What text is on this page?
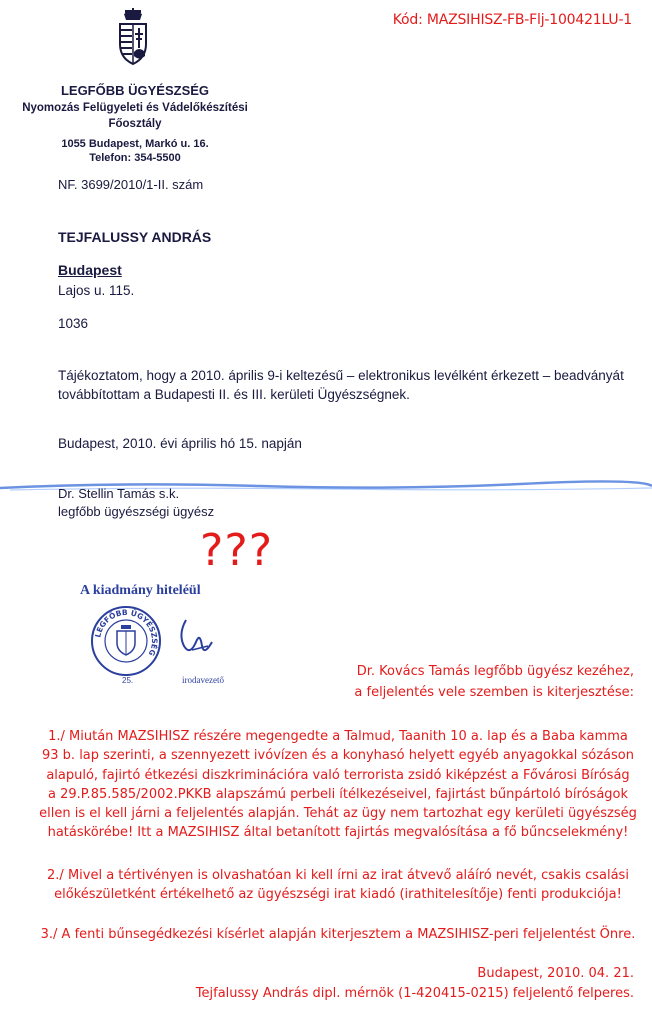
Kód: MAZSIHISZ-FB-Flj-100421LU-1
LEGFŐBB ÜGYÉSZSÉG
Nyomozás Felügyeleti és Vádelőkészítési
Főosztály
1055 Budapest, Markó u. 16.
Telefon: 354-5500
NF. 3699/2010/1-II. szám
TEJFALUSSY ANDRÁS
Budapest
Lajos u. 115.
1036
Tájékoztatom, hogy a 2010. április 9-i keltezésű – elektronikus levélként érkezett – beadványát továbbítottam a Budapesti II. és III. kerületi Ügyészségnek.
Budapest, 2010. évi április hó 15. napján
Dr. Stellin Tamás s.k.
legfőbb ügyészségi ügyész
???
A kiadmány hiteléül
LEGFŐBB ÜGYÉSZSÉG
25.	irodavezető
Dr. Kovács Tamás legfőbb ügyész kezéhez,
a feljelentés vele szemben is kiterjesztése:
1./ Miután MAZSIHISZ részére megengedte a Talmud, Taanith 10 a. lap és a Baba kamma
93 b. lap szerinti, a szennyezett ivóvízen és a konyhasó helyett egyéb anyagokkal sózáson
alapuló, fajirtó étkezési diszkriminációra való terrorista zsidó kiképzést a Fővárosi Bíróság
a 29.P.85.585/2002.PKKB alapszámú perbeli ítélkezéseivel, fajirtást bűnpártoló bíróságok
ellen is el kell járni a feljelentés alapján. Tehát az ügy nem tartozhat egy kerületi ügyészség
hatáskörébe! Itt a MAZSIHISZ által betanított fajirtás megvalósítása a fő bűncselekmény!
2./ Mivel a tértivényen is olvashatóan ki kell írni az irat átvevő aláíró nevét, csakis csalási
előkészületként értékelhető az ügyészségi irat kiadó (irathitelesítője) fenti produkciója!
3./ A fenti bűnsegédkezési kísérlet alapján kiterjesztem a MAZSIHISZ-peri feljelentést Önre.
Budapest, 2010. 04. 21.
Tejfalussy András dipl. mérnök (1-420415-0215) feljelentő felperes.
